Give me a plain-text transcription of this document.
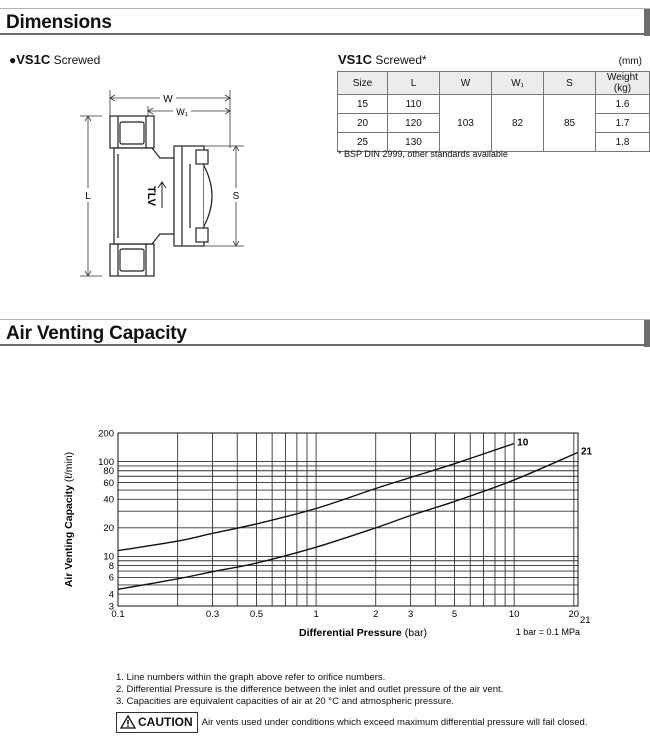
Dimensions
●VS1C Screwed
W
W₁
L	S
TLV
VS1C Screwed*	(mm)
Size	L	W	W₁	S	Weight (kg)
15	110	103	82	85	1.6
20	120				1.7
25	130				1.8
* BSP DIN 2999, other standards available
Air Venting Capacity
0.1	0.3	0.5	1	2	3	5	10	20
21
3
4
6
8
10
20
40
60
80
100
200
10
21
Air Venting Capacity(ℓ/min)
Differential Pressure (bar)	1 bar = 0.1 MPa
1. Line numbers within the graph above refer to orifice numbers.
2. Differential Pressure is the difference between the inlet and outlet pressure of the air vent.
3. Capacities are equivalent capacities of air at 20 °C and atmospheric pressure.
CAUTION Air vents used under conditions which exceed maximum differential pressure will fail closed.
